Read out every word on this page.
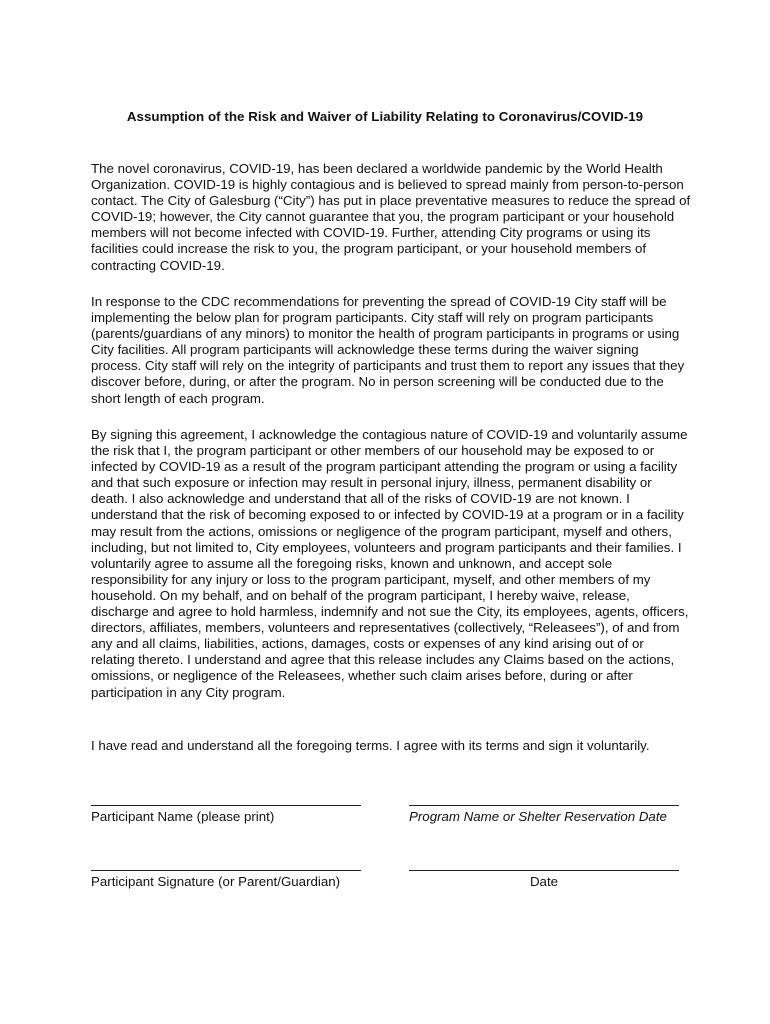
Assumption of the Risk and Waiver of Liability Relating to Coronavirus/COVID-19

The novel coronavirus, COVID-19, has been declared a worldwide pandemic by the World Health Organization. COVID-19 is highly contagious and is believed to spread mainly from person-to-person contact. The City of Galesburg (“City”) has put in place preventative measures to reduce the spread of COVID-19; however, the City cannot guarantee that you, the program participant or your household members will not become infected with COVID-19. Further, attending City programs or using its facilities could increase the risk to you, the program participant, or your household members of contracting COVID-19.

In response to the CDC recommendations for preventing the spread of COVID-19 City staff will be implementing the below plan for program participants. City staff will rely on program participants (parents/guardians of any minors) to monitor the health of program participants in programs or using City facilities. All program participants will acknowledge these terms during the waiver signing process. City staff will rely on the integrity of participants and trust them to report any issues that they discover before, during, or after the program. No in person screening will be conducted due to the short length of each program.

By signing this agreement, I acknowledge the contagious nature of COVID-19 and voluntarily assume the risk that I, the program participant or other members of our household may be exposed to or infected by COVID-19 as a result of the program participant attending the program or using a facility and that such exposure or infection may result in personal injury, illness, permanent disability or death. I also acknowledge and understand that all of the risks of COVID-19 are not known. I understand that the risk of becoming exposed to or infected by COVID-19 at a program or in a facility may result from the actions, omissions or negligence of the program participant, myself and others, including, but not limited to, City employees, volunteers and program participants and their families. I voluntarily agree to assume all the foregoing risks, known and unknown, and accept sole responsibility for any injury or loss to the program participant, myself, and other members of my household. On my behalf, and on behalf of the program participant, I hereby waive, release, discharge and agree to hold harmless, indemnify and not sue the City, its employees, agents, officers, directors, affiliates, members, volunteers and representatives (collectively, “Releasees”), of and from any and all claims, liabilities, actions, damages, costs or expenses of any kind arising out of or relating thereto. I understand and agree that this release includes any Claims based on the actions, omissions, or negligence of the Releasees, whether such claim arises before, during or after participation in any City program.

I have read and understand all the foregoing terms. I agree with its terms and sign it voluntarily.

Participant Name (please print)	Program Name or Shelter Reservation Date
Participant Signature (or Parent/Guardian)	Date
